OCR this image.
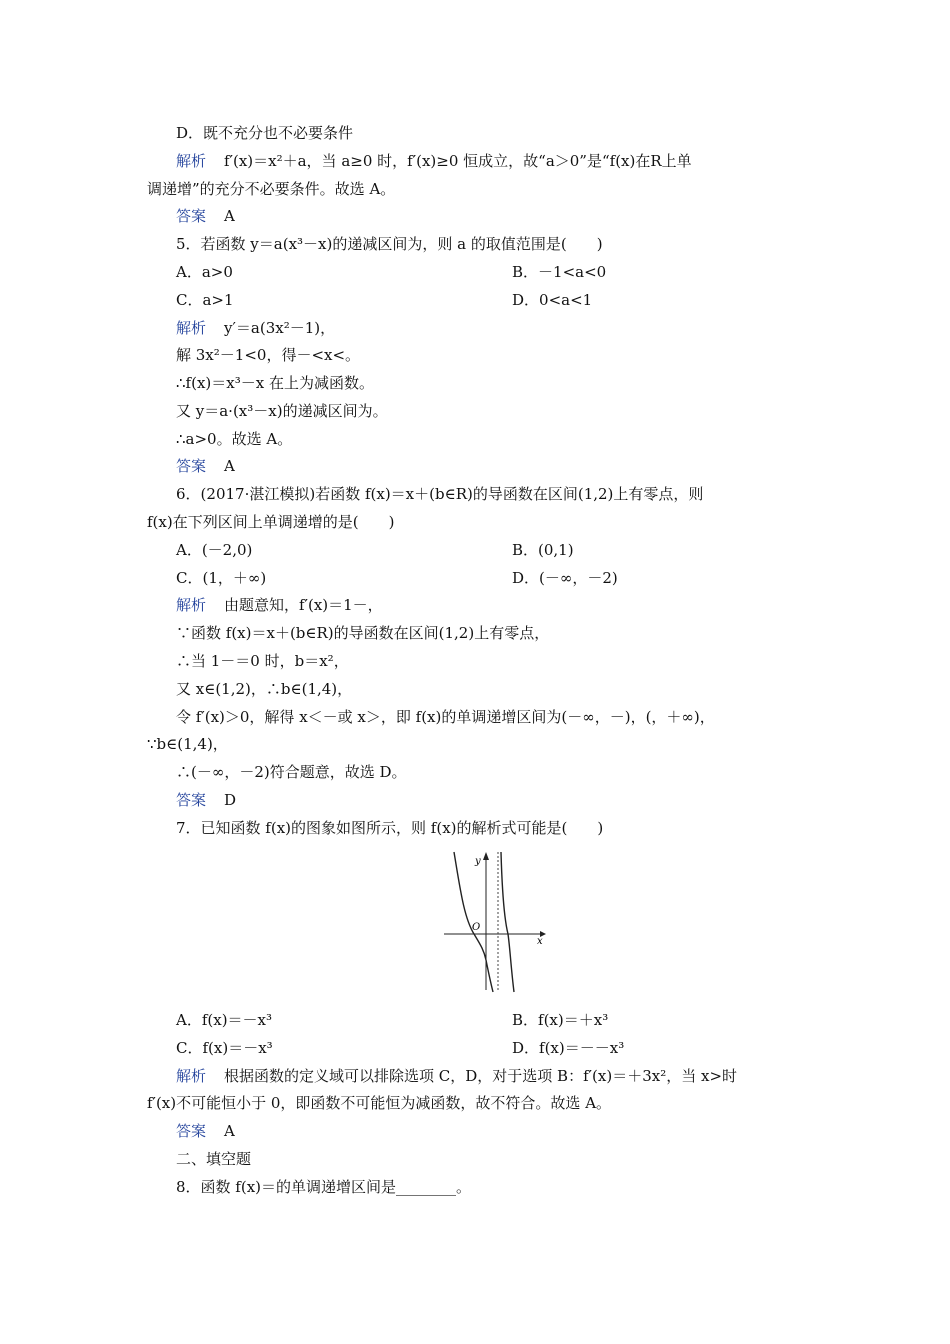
D．既不充分也不必要条件
解析 f′(x)＝x²＋a，当 a≥0 时，f′(x)≥0 恒成立，故“a＞0”是“f(x)在R上单
调递增”的充分不必要条件。故选 A。
答案 A
5．若函数 y＝a(x³－x)的递减区间为，则 a 的取值范围是(　　)
A．a>0	B．－1<a<0
C．a>1	D．0<a<1
解析 y′＝a(3x²－1)，
解 3x²－1<0，得－<x<。
∴f(x)＝x³－x 在上为减函数。
又 y＝a·(x³－x)的递减区间为。
∴a>0。故选 A。
答案 A
6．(2017·湛江模拟)若函数 f(x)＝x＋(b∈R)的导函数在区间(1,2)上有零点，则
f(x)在下列区间上单调递增的是(　　)
A．(－2,0)	B．(0,1)
C．(1，＋∞)	D．(－∞，－2)
解析 由题意知，f′(x)＝1－，
∵函数 f(x)＝x＋(b∈R)的导函数在区间(1,2)上有零点，
∴当 1－＝0 时，b＝x²，
又 x∈(1,2)，∴b∈(1,4)，
令 f′(x)＞0，解得 x＜－或 x＞，即 f(x)的单调递增区间为(－∞，－)，(，＋∞)，
∵b∈(1,4)，
∴(－∞，－2)符合题意，故选 D。
答案 D
7．已知函数 f(x)的图象如图所示，则 f(x)的解析式可能是(　　)
y
O
x
A．f(x)＝－x³	B．f(x)＝＋x³
C．f(x)＝－x³	D．f(x)＝－－x³
解析 根据函数的定义域可以排除选项 C，D，对于选项 B：f′(x)＝＋3x²，当 x>时
f′(x)不可能恒小于 0，即函数不可能恒为减函数，故不符合。故选 A。
答案 A
二、填空题
8．函数 f(x)＝的单调递增区间是________。
